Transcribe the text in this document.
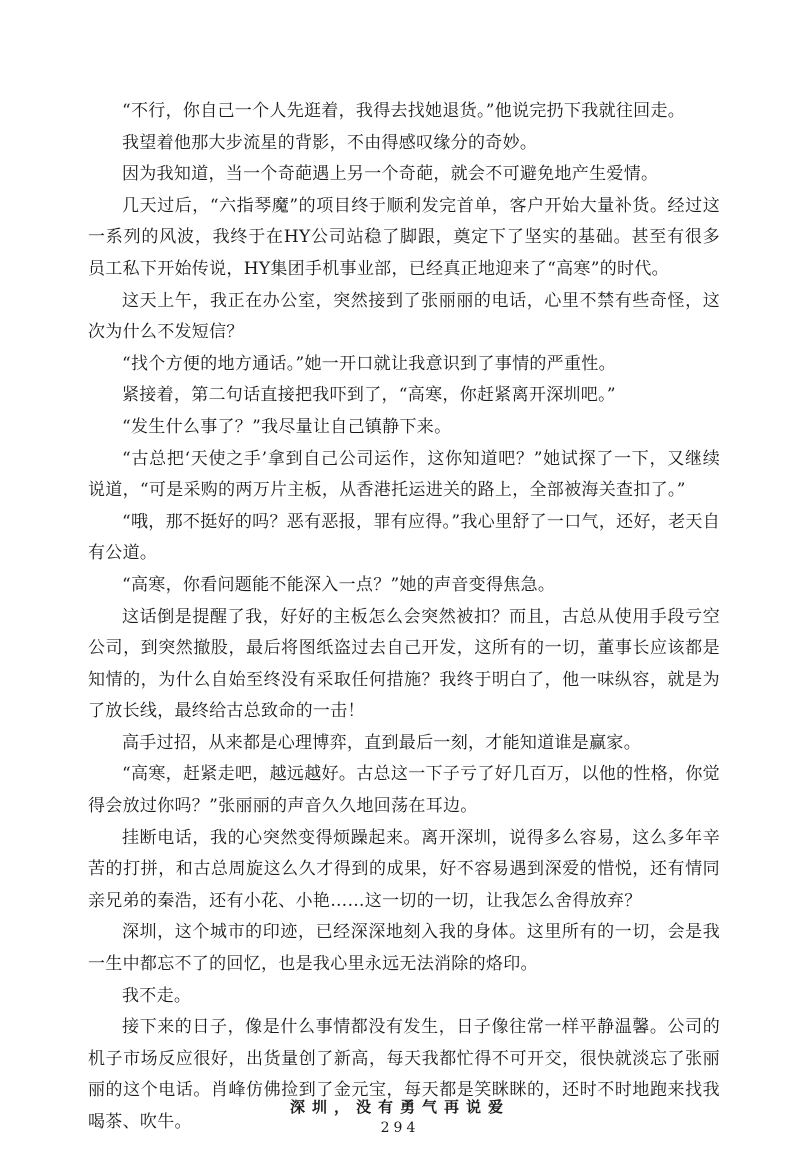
“不行，你自己一个人先逛着，我得去找她退货。”他说完扔下我就往回走。

我望着他那大步流星的背影，不由得感叹缘分的奇妙。

因为我知道，当一个奇葩遇上另一个奇葩，就会不可避免地产生爱情。

几天过后，“六指琴魔”的项目终于顺利发完首单，客户开始大量补货。经过这一系列的风波，我终于在HY公司站稳了脚跟，奠定下了坚实的基础。甚至有很多员工私下开始传说，HY集团手机事业部，已经真正地迎来了“高寒”的时代。

这天上午，我正在办公室，突然接到了张丽丽的电话，心里不禁有些奇怪，这次为什么不发短信？

“找个方便的地方通话。”她一开口就让我意识到了事情的严重性。

紧接着，第二句话直接把我吓到了，“高寒，你赶紧离开深圳吧。”

“发生什么事了？”我尽量让自己镇静下来。

“古总把‘天使之手’拿到自己公司运作，这你知道吧？”她试探了一下，又继续说道，“可是采购的两万片主板，从香港托运进关的路上，全部被海关查扣了。”

“哦，那不挺好的吗？恶有恶报，罪有应得。”我心里舒了一口气，还好，老天自有公道。

“高寒，你看问题能不能深入一点？”她的声音变得焦急。

这话倒是提醒了我，好好的主板怎么会突然被扣？而且，古总从使用手段亏空公司，到突然撤股，最后将图纸盗过去自己开发，这所有的一切，董事长应该都是知情的，为什么自始至终没有采取任何措施？我终于明白了，他一味纵容，就是为了放长线，最终给古总致命的一击！

高手过招，从来都是心理博弈，直到最后一刻，才能知道谁是赢家。

“高寒，赶紧走吧，越远越好。古总这一下子亏了好几百万，以他的性格，你觉得会放过你吗？”张丽丽的声音久久地回荡在耳边。

挂断电话，我的心突然变得烦躁起来。离开深圳，说得多么容易，这么多年辛苦的打拼，和古总周旋这么久才得到的成果，好不容易遇到深爱的惜悦，还有情同亲兄弟的秦浩，还有小花、小艳……这一切的一切，让我怎么舍得放弃？

深圳，这个城市的印迹，已经深深地刻入我的身体。这里所有的一切，会是我一生中都忘不了的回忆，也是我心里永远无法消除的烙印。

我不走。

接下来的日子，像是什么事情都没有发生，日子像往常一样平静温馨。公司的机子市场反应很好，出货量创了新高，每天我都忙得不可开交，很快就淡忘了张丽丽的这个电话。肖峰仿佛捡到了金元宝，每天都是笑眯眯的，还时不时地跑来找我喝茶、吹牛。

深圳，没有勇气再说爱
294
